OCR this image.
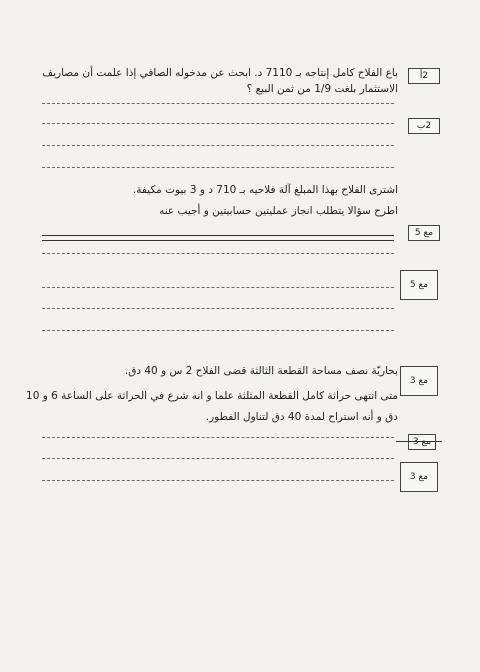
2أ
باع الفلاح كامل إنتاجه بـ 7110 د. ابحث عن مدخوله الصافي إذا علمت أن مصاريف
الاستثمار بلغت 1/9 من ثمن البيع ؟
2ب
اشترى الفلاح بهذا المبلغ آلة فلاحيه بـ 710 د و 3 بيوت مكيفة.
اطرح سؤالا يتطلب انجاز عمليتين حسابيتين و أجيب عنه
مع 5
مع 5
بحاريّة نصف مساحة القطعة الثالثة قضى الفلاح 2 س و 40 دق.
مع 3
متى انتهى حراثة كامل القطعة المثلثة علما و انه شرع في الحراثة على الساعة 6 و 10
دق و أنه استراح لمدة 40 دق لتناول الفطور.
مع 3
مع 3
